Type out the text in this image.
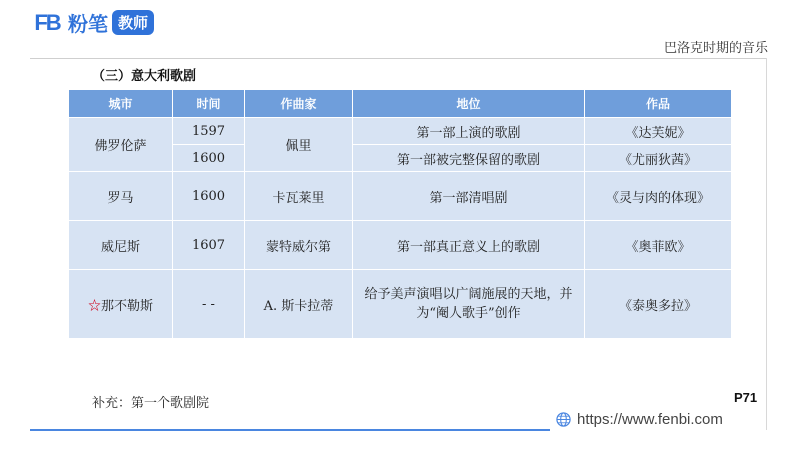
FB 粉笔 教师
巴洛克时期的音乐
（三）意大利歌剧
城市	时间	作曲家	地位	作品
佛罗伦萨	1597	佩里	第一部上演的歌剧	《达芙妮》
	1600		第一部被完整保留的歌剧	《尤丽狄茜》
罗马	1600	卡瓦莱里	第一部清唱剧	《灵与肉的体现》
威尼斯	1607	蒙特威尔第	第一部真正意义上的歌剧	《奥菲欧》
☆那不勒斯	- -	A. 斯卡拉蒂	给予美声演唱以广阔施展的天地，并为“阉人歌手”创作	《泰奥多拉》
补充：第一个歌剧院	P71
https://www.fenbi.com
